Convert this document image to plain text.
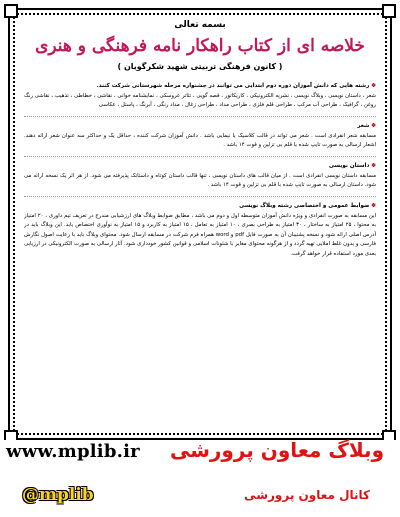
بسمه تعالی
خلاصه ای از کتاب راهکار نامه فرهنگی و هنری
( کانون فرهنگی تربیتی شهید شکرگویان )
✽ رشته هایی که دانش آموزان دوره دوم ابتدایی می توانند در جشنواره مرحله شهرستانی شرکت کنند.

شعر ، داستان نویسی ، وبلاگ نویسی ، نشریه الکترونیکی ، کاریکاتور ، قصه گویی ، تئاتر عروسکی ، نمایشنامه خوانی ، نقاشی ، خطاطی ، تذهیب ، نقاشی رنگ روغن ، گرافیک ، طراحی آب مرکب ، طراحی قلم فلزی ، طراحی مداد ، طراحی زغال ، مداد رنگی ، آبرنگ ، پاستل ، عکاسی

✽ شعر

مسابقه شعر انفرادی است . شعر می تواند در قالب کلاسیک یا نیمایی باشد . دانش آموزان شرکت کننده ، حداقل یک و حداکثر سه عنوان شعر ارائه دهند. اشعار ارسالی به صورت تایپ شده یا قلم بی تزلین و قوت ۱۴ باشد .

✽ داستان نویسی

مسابقه داستان نویسی انفرادی است . از میان قالب های داستان نویسی ، تنها قالب داستان کوتاه و داستانک پذیرفته می شود. از هر اثر یک نسخه ارائه می شود. داستان ارسالی به صورت تایپ شده با قلم بی تزلین و قوت ۱۴ باشد .

✽ ضوابط عمومی و اختصاصی رشته وبلاگ نویسی

این مسابقه به صورت انفرادی و ویژه دانش آموزان متوسطه اول و دوم می باشد ، مطابق ضوابط وبلاگ های ارزشیابی مندرج در تعریف تیم داوری ، ۲۰ امتیاز به محتوا ، ۲۵ امتیاز به ساختار ، ۳۰ امتیاز به طراحی بصری ، ۱۰ امتیاز به تعامل ، ۱۵ امتیاز به کاربرد و ۱۵ امتیاز به نوآوری اختصاص یابد. این وبلاگ باید در آدرس اصلی ارائه شود و نسخه پشتیبان آن به صورت فایل pdf و word همراه فرم شرکت در مسابقه ارسال شود. محتوای وبلاگ باید با رعایت اصول نگارش فارسی و بدون غلط املایی تهیه گردد و از هرگونه محتوای مغایر با شئونات اسلامی و قوانین کشور خودداری شود. آثار ارسالی به صورت الکترونیکی در ارزیابی بعدی مورد استفاده قرار خواهد گرفت.

www.mplib.ir وبلاگ معاون پرورشی
@mplib	کانال معاون پرورشی
